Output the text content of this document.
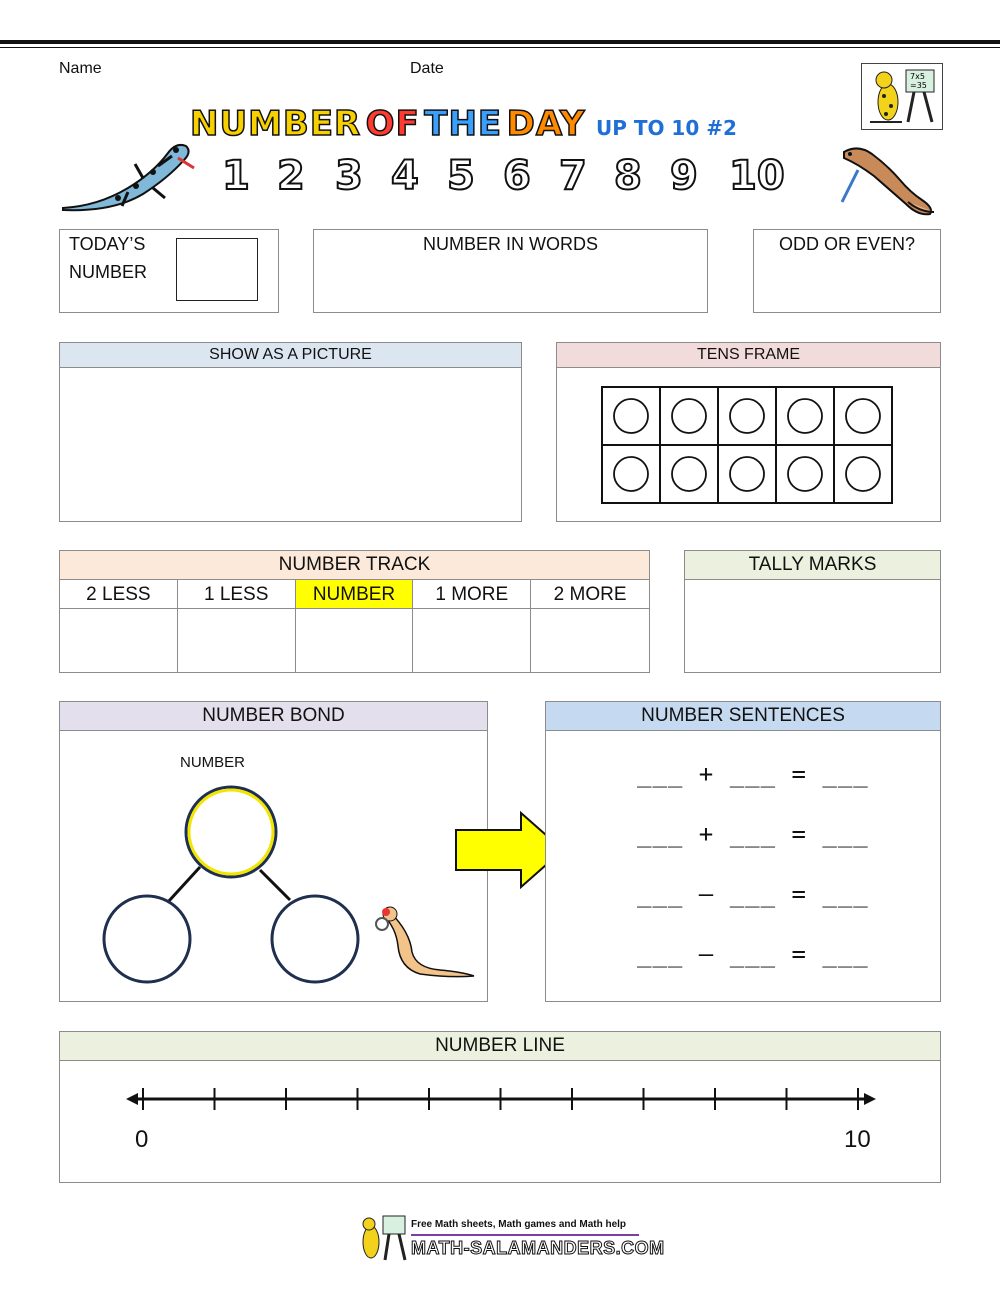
Name	Date	7x5
=35
NUMBER OF THE DAY UP TO 10 #2
1 2 3 4 5 6 7 8 9 10
TODAY’S
NUMBER
NUMBER IN WORDS	ODD OR EVEN?
SHOW AS A PICTURE	TENS FRAME
NUMBER TRACK
2 LESS	1 LESS	NUMBER	1 MORE	2 MORE
TALLY MARKS
NUMBER BOND
NUMBER
NUMBER SENTENCES
___ + ___ = ___
___ + ___ = ___
___ – ___ = ___
___ – ___ = ___
NUMBER LINE
0	10
Free Math sheets, Math games and Math help
MATH-SALAMANDERS.COM
